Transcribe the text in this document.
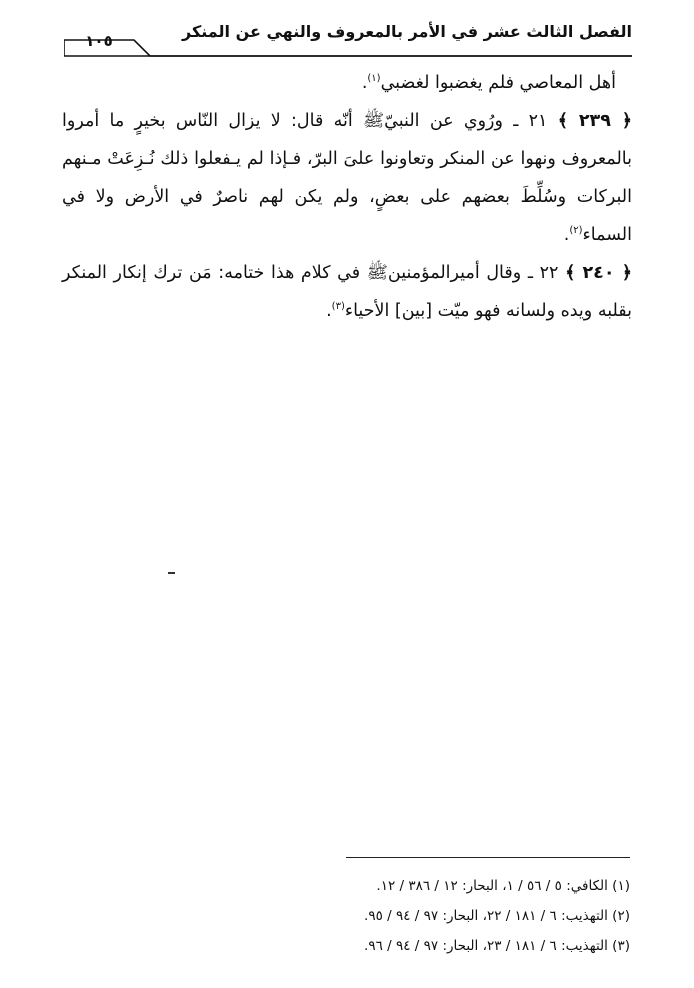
١٠٥	الفصل الثالث عشر في الأمر بالمعروف والنهي عن المنكر

أهل المعاصي فلم يغضبوا لغضبي$^{(١)}$.

﴿ ٢٣٩ ﴾ ٢١ ـ ورُوي عن النبيّ‏ﷺ أنّه قال: لا يزال النّاس بخيرٍ ما أمروا بالمعروف ونهوا عن المنكر وتعاونوا علىَ البرّ، فـإذا لم يـفعلوا ذلك نُـزِعَتْ مـنهم البركات وسُلِّطَ بعضهم على بعضٍ، ولم يكن لهم ناصرٌ في الأرض ولا في السماء$^{(٢)}$.

﴿ ٢٤٠ ﴾ ٢٢ ـ وقال أميرالمؤمنين‏ﷺ في كلام هذا ختامه: مَن ترك إنكار المنكر بقلبه ويده ولسانه فهو ميّت [بين] الأحياء$^{(٣)}$.

(١) الكافي: ٥ / ٥٦ / ١، البحار: ١٢ / ٣٨٦ / ١٢.

(٢) التهذيب: ٦ / ١٨١ / ٢٢، البحار: ٩٧ / ٩٤ / ٩٥.

(٣) التهذيب: ٦ / ١٨١ / ٢٣، البحار: ٩٧ / ٩٤ / ٩٦.
